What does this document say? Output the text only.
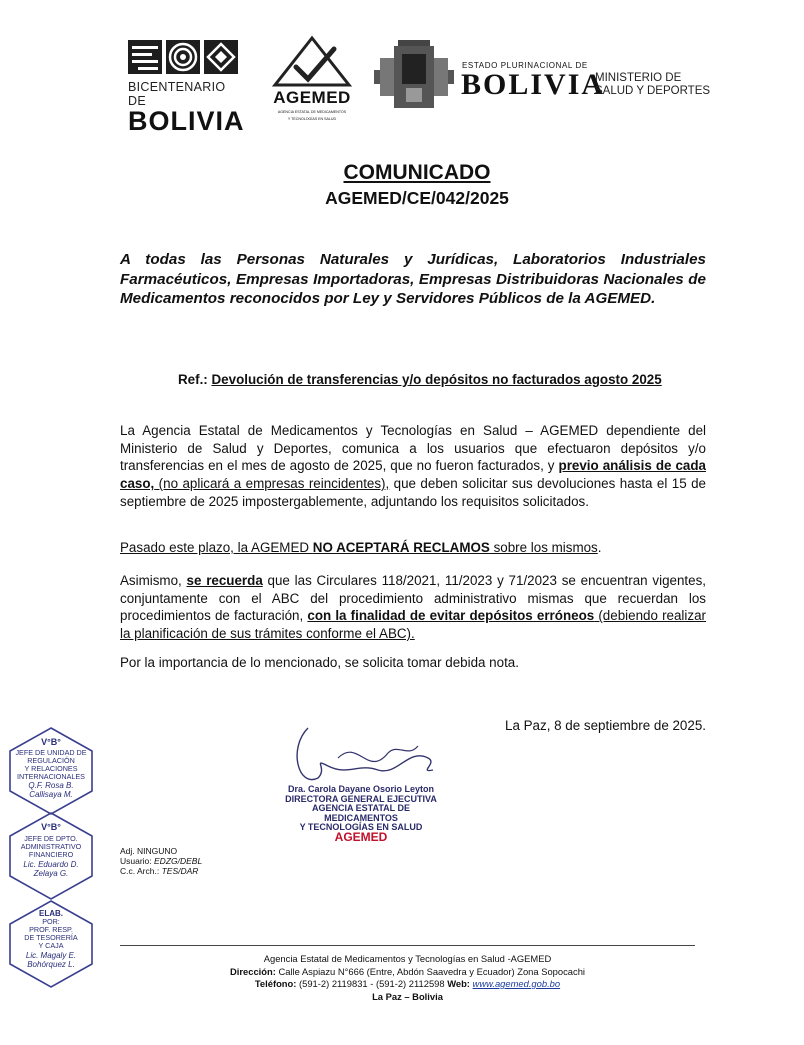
BICENTENARIO DE
BOLIVIA
AGEMED
AGENCIA ESTATAL DE MEDICAMENTOS
Y TECNOLOGÍAS EN SALUD
ESTADO PLURINACIONAL DE
BOLIVIA
MINISTERIO DE
SALUD Y DEPORTES
COMUNICADO
AGEMED/CE/042/2025
A todas las Personas Naturales y Jurídicas, Laboratorios Industriales Farmacéuticos, Empresas Importadoras, Empresas Distribuidoras Nacionales de Medicamentos reconocidos por Ley y Servidores Públicos de la AGEMED.
Ref.: Devolución de transferencias y/o depósitos no facturados agosto 2025
La Agencia Estatal de Medicamentos y Tecnologías en Salud – AGEMED dependiente del Ministerio de Salud y Deportes, comunica a los usuarios que efectuaron depósitos y/o transferencias en el mes de agosto de 2025, que no fueron facturados, y previo análisis de cada caso, (no aplicará a empresas reincidentes), que deben solicitar sus devoluciones hasta el 15 de septiembre de 2025 impostergablemente, adjuntando los requisitos solicitados.
Pasado este plazo, la AGEMED NO ACEPTARÁ RECLAMOS sobre los mismos.
Asimismo, se recuerda que las Circulares 118/2021, 11/2023 y 71/2023 se encuentran vigentes, conjuntamente con el ABC del procedimiento administrativo mismas que recuerdan los procedimientos de facturación, con la finalidad de evitar depósitos erróneos (debiendo realizar la planificación de sus trámites conforme el ABC).
Por la importancia de lo mencionado, se solicita tomar debida nota.
La Paz, 8 de septiembre de 2025.
Dra. Carola Dayane Osorio Leyton
DIRECTORA GENERAL EJECUTIVA
AGENCIA ESTATAL DE MEDICAMENTOS
Y TECNOLOGÍAS EN SALUD
AGEMED
V°B°
JEFE DE UNIDAD DE
REGULACIÓN
Y RELACIONES
INTERNACIONALES
Q.F. Rosa B.
Callisaya M.
V°B°
JEFE DE DPTO.
ADMINISTRATIVO
FINANCIERO
Lic. Eduardo D.
Zelaya G.
ELAB.
POR:
PROF. RESP.
DE TESORERÍA
Y CAJA
Lic. Magaly E.
Bohórquez L.
Adj. NINGUNO
Usuario: EDZG/DEBL
C.c. Arch.: TES/DAR
Agencia Estatal de Medicamentos y Tecnologías en Salud -AGEMED
Dirección: Calle Aspiazu N°666 (Entre, Abdón Saavedra y Ecuador) Zona Sopocachi
Teléfono: (591-2) 2119831 - (591-2) 2112598 Web: www.agemed.gob.bo
La Paz – Bolivia
